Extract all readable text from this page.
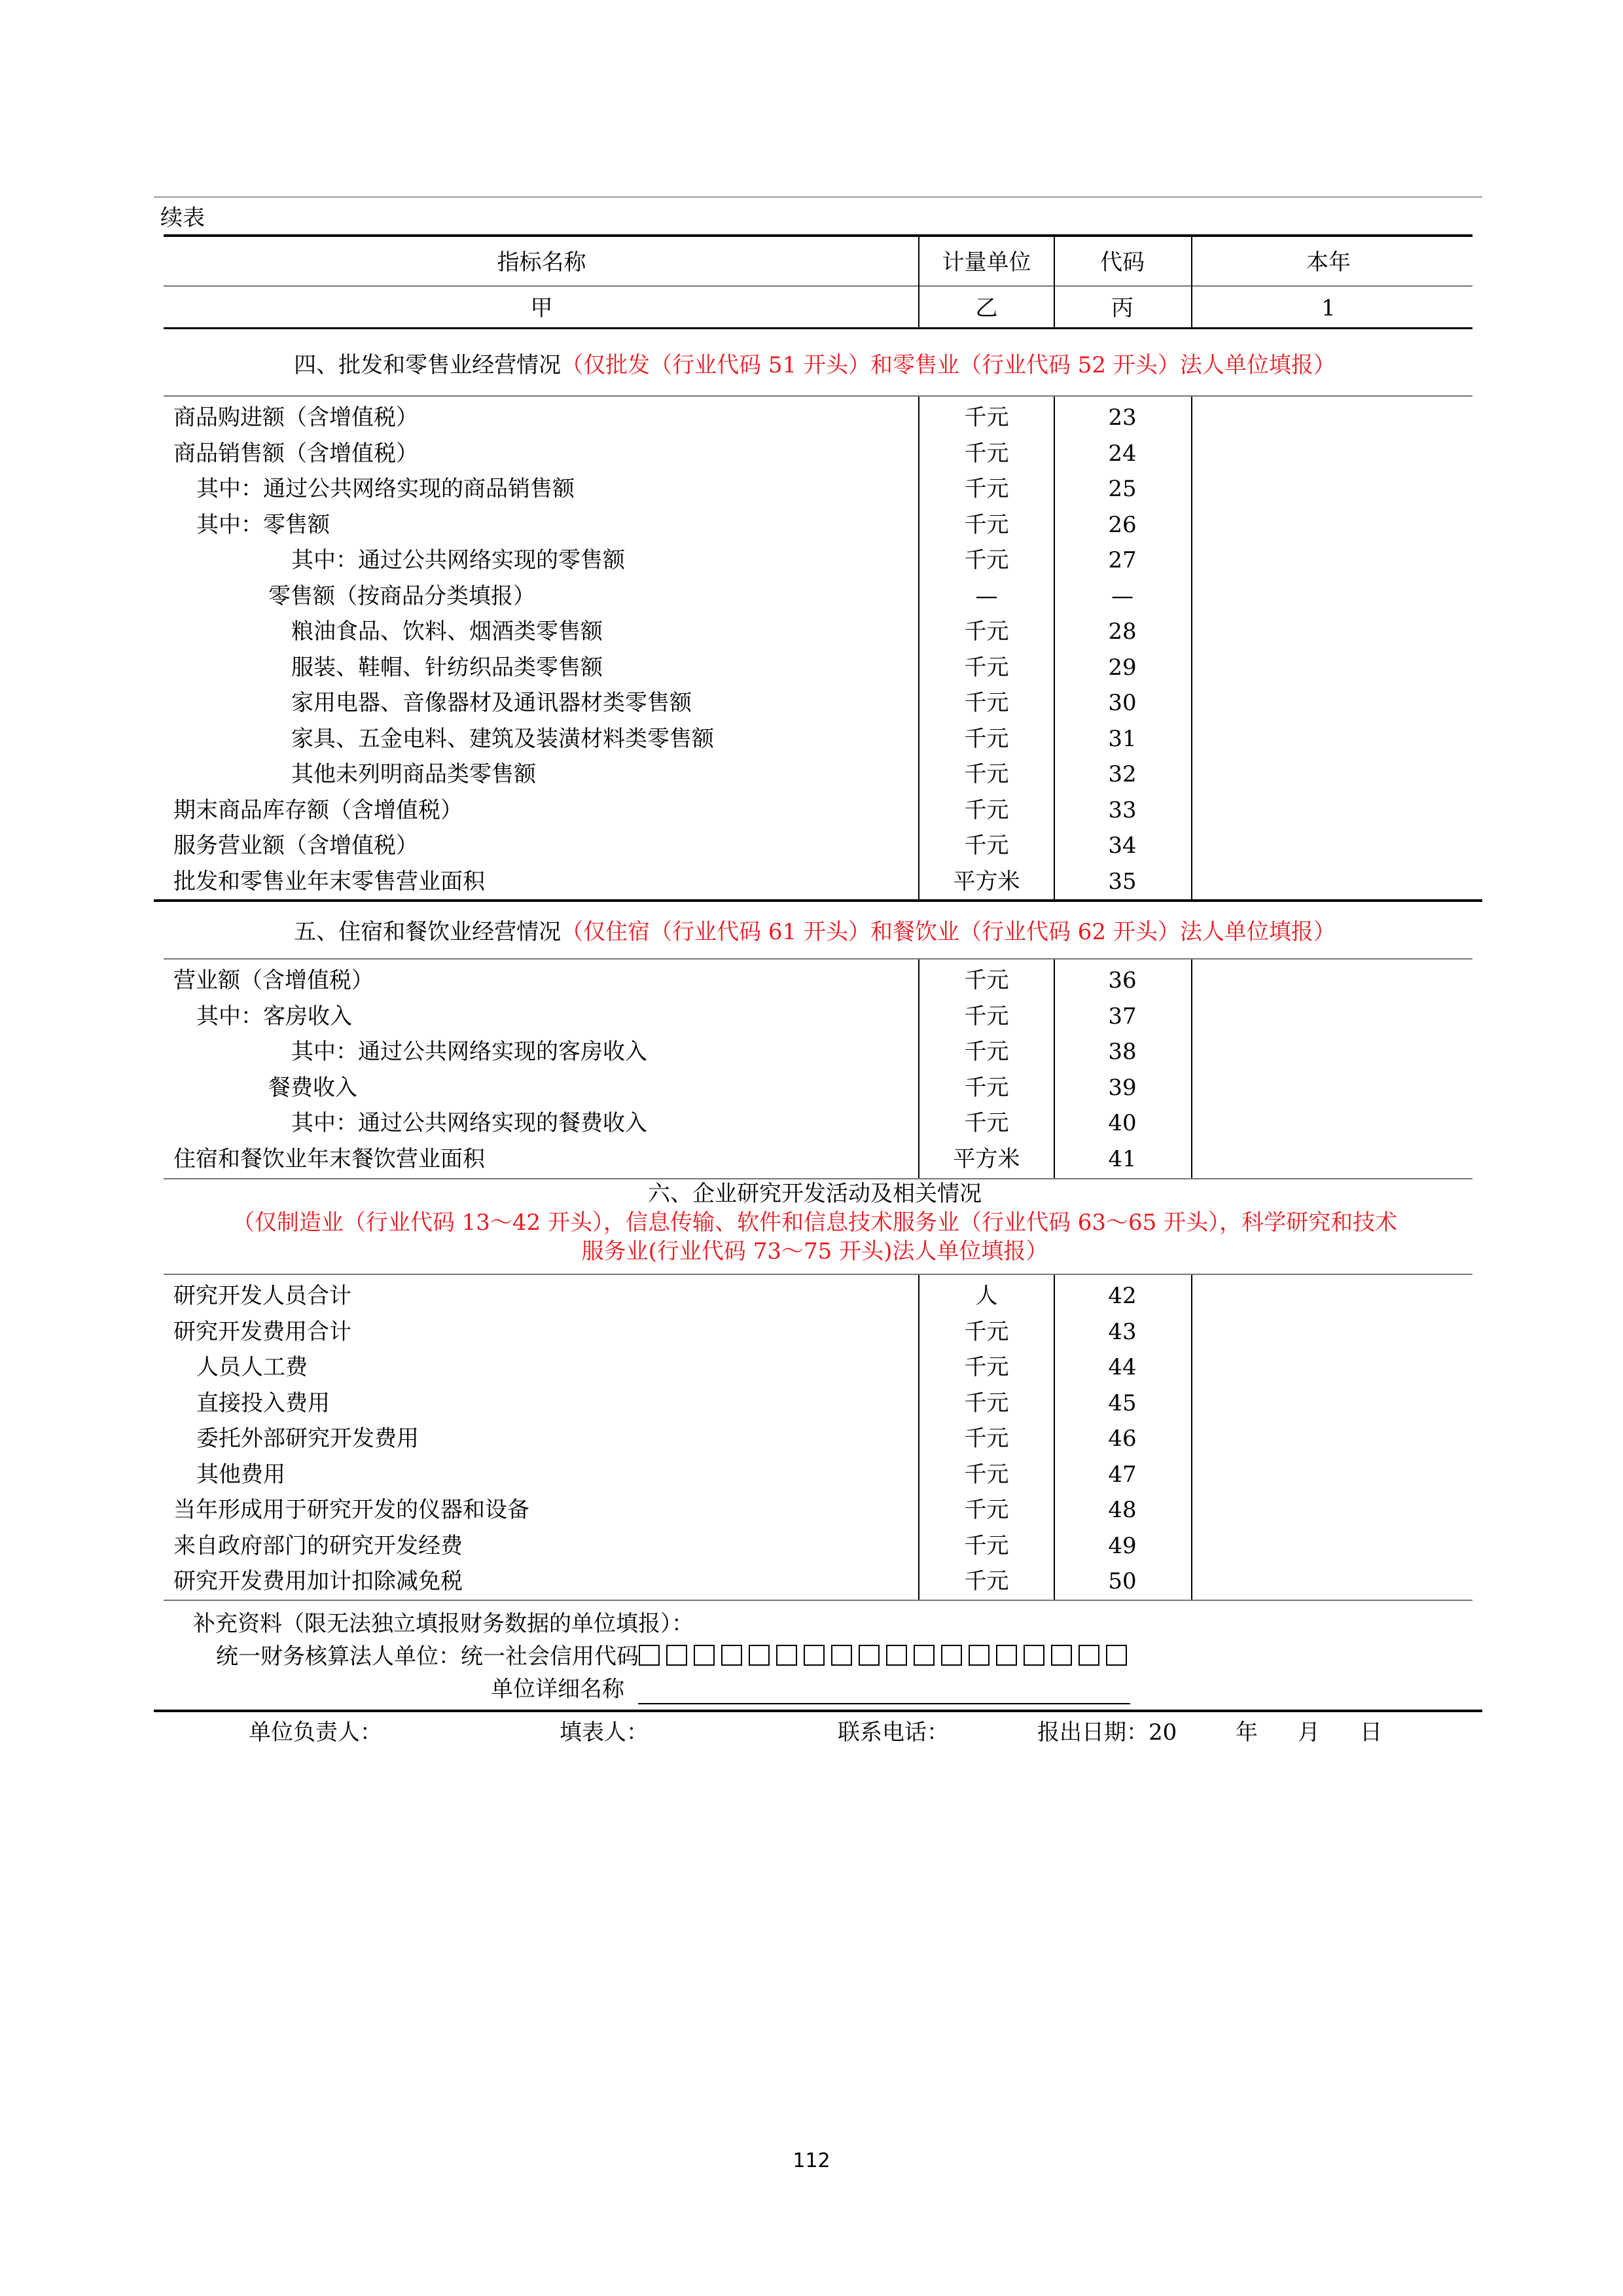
续表
指标名称	计量单位	代码	本年
甲	乙	丙	1
四、批发和零售业经营情况（仅批发（行业代码 51 开头）和零售业（行业代码 52 开头）法人单位填报）
商品购进额（含增值税）	千元	23
商品销售额（含增值税）	千元	24
其中：通过公共网络实现的商品销售额	千元	25
其中：零售额	千元	26
其中：通过公共网络实现的零售额	千元	27
零售额（按商品分类填报）	—	—
粮油食品、饮料、烟酒类零售额	千元	28
服装、鞋帽、针纺织品类零售额	千元	29
家用电器、音像器材及通讯器材类零售额	千元	30
家具、五金电料、建筑及装潢材料类零售额	千元	31
其他未列明商品类零售额	千元	32
期末商品库存额（含增值税）	千元	33
服务营业额（含增值税）	千元	34
批发和零售业年末零售营业面积	平方米	35
五、住宿和餐饮业经营情况（仅住宿（行业代码 61 开头）和餐饮业（行业代码 62 开头）法人单位填报）
营业额（含增值税）	千元	36
其中：客房收入	千元	37
其中：通过公共网络实现的客房收入	千元	38
餐费收入	千元	39
其中：通过公共网络实现的餐费收入	千元	40
住宿和餐饮业年末餐饮营业面积	平方米	41
六、企业研究开发活动及相关情况
（仅制造业（行业代码 13～42 开头），信息传输、软件和信息技术服务业（行业代码 63～65 开头），科学研究和技术
服务业(行业代码 73～75 开头)法人单位填报）
研究开发人员合计	人	42
研究开发费用合计	千元	43
人员人工费	千元	44
直接投入费用	千元	45
委托外部研究开发费用	千元	46
其他费用	千元	47
当年形成用于研究开发的仪器和设备	千元	48
来自政府部门的研究开发经费	千元	49
研究开发费用加计扣除减免税	千元	50
补充资料（限无法独立填报财务数据的单位填报）：
统一财务核算法人单位：统一社会信用代码
单位详细名称
单位负责人：	填表人：	联系电话：	报出日期：20	年 月 日
112
